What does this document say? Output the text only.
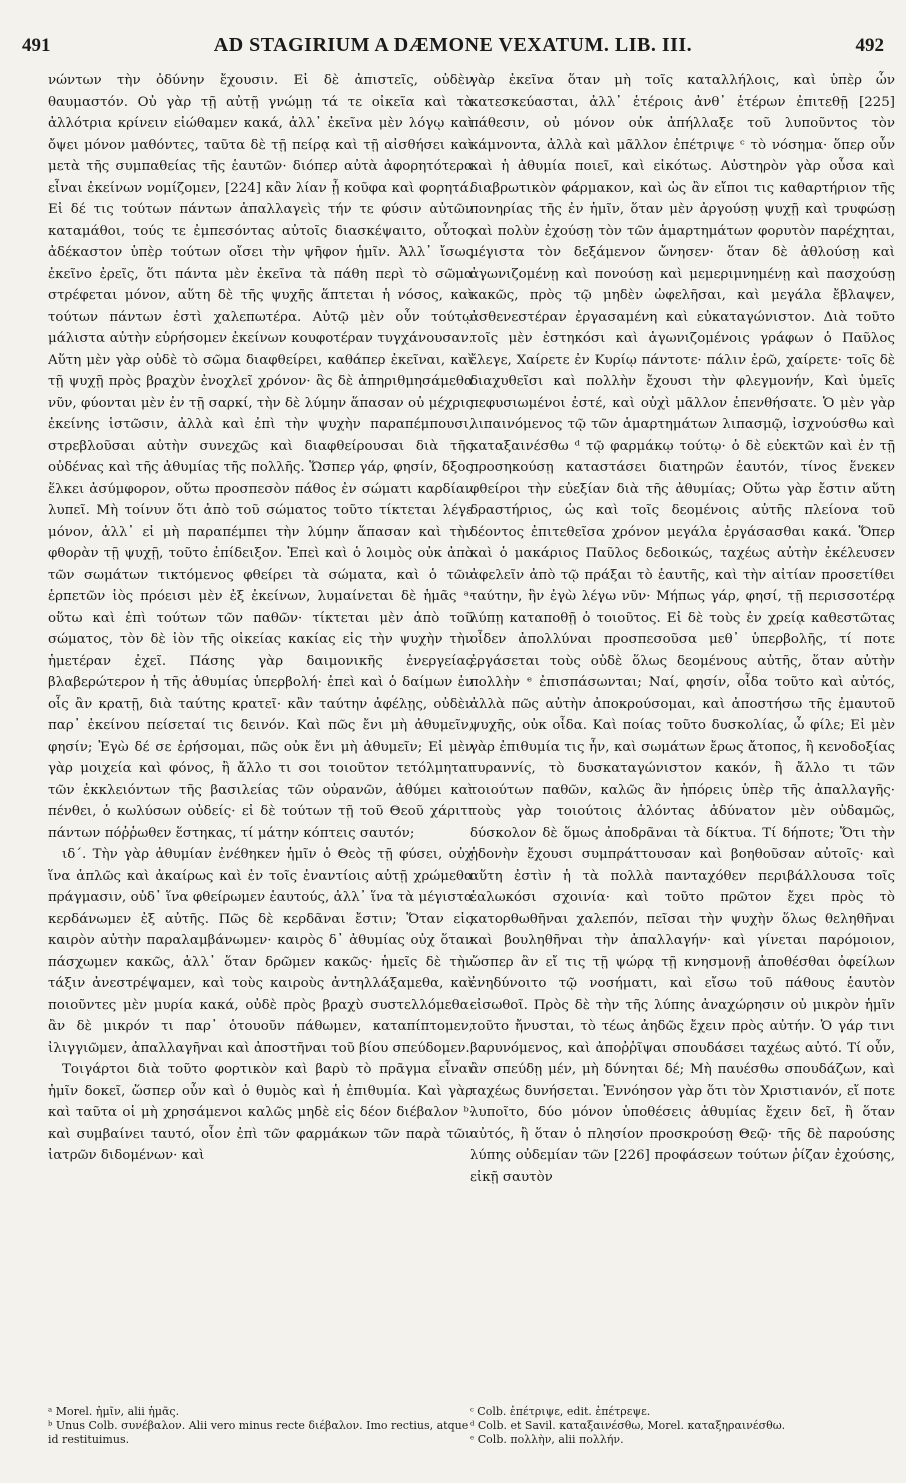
491	AD STAGIRIUM A DÆMONE VEXATUM. LIB. III.	492

νώντων τὴν ὀδύνην ἔχουσιν. Εἰ δὲ ἀπιστεῖς, οὐδὲν θαυμαστόν. Οὐ γὰρ τῇ αὐτῇ γνώμῃ τά τε οἰκεῖα καὶ τὰ ἀλλότρια κρίνειν εἰώθαμεν κακά, ἀλλ᾿ ἐκεῖνα μὲν λόγῳ καὶ ὄψει μόνον μαθόντες, ταῦτα δὲ τῇ πείρᾳ καὶ τῇ αἰσθήσει καὶ μετὰ τῆς συμπαθείας τῆς ἑαυτῶν· διόπερ αὐτὰ ἀφορητότερα εἶναι ἐκείνων νομίζομεν, [224] κἂν λίαν ᾖ κοῦφα καὶ φορητά. Εἰ δέ τις τούτων πάντων ἀπαλλαγεὶς τήν τε φύσιν αὐτῶν καταμάθοι, τούς τε ἐμπεσόντας αὐτοῖς διασκέψαιτο, οὗτος ἀδέκαστον ὑπὲρ τούτων οἴσει τὴν ψῆφον ἡμῖν. Ἀλλ᾿ ἴσως ἐκεῖνο ἐρεῖς, ὅτι πάντα μὲν ἐκεῖνα τὰ πάθη περὶ τὸ σῶμα στρέφεται μόνον, αὕτη δὲ τῆς ψυχῆς ἅπτεται ἡ νόσος, καὶ τούτων πάντων ἐστὶ χαλεπωτέρα. Αὐτῷ μὲν οὖν τούτῳ μάλιστα αὐτὴν εὑρήσομεν ἐκείνων κουφοτέραν τυγχάνουσαν. Αὕτη μὲν γὰρ οὐδὲ τὸ σῶμα διαφθείρει, καθάπερ ἐκεῖναι, καὶ τῇ ψυχῇ πρὸς βραχὺν ἐνοχλεῖ χρόνον· ἃς δὲ ἀπηριθμησάμεθα νῦν, φύονται μὲν ἐν τῇ σαρκί, τὴν δὲ λύμην ἅπασαν οὐ μέχρις ἐκείνης ἱστῶσιν, ἀλλὰ καὶ ἐπὶ τὴν ψυχὴν παραπέμπουσι, στρεβλοῦσαι αὐτὴν συνεχῶς καὶ διαφθείρουσαι διὰ τῆς οὐδένας καὶ τῆς ἀθυμίας τῆς πολλῆς. Ὥσπερ γάρ, φησίν, δξος ἕλκει ἀσύμφορον, οὕτω προσπεσὸν πάθος ἐν σώματι καρδίαν λυπεῖ. Μὴ τοίνυν ὅτι ἀπὸ τοῦ σώματος τοῦτο τίκτεται λέγε μόνον, ἀλλ᾿ εἰ μὴ παραπέμπει τὴν λύμην ἅπασαν καὶ τὴν φθορὰν τῇ ψυχῇ, τοῦτο ἐπίδειξον. Ἐπεὶ καὶ ὁ λοιμὸς οὐκ ἀπὸ τῶν σωμάτων τικτόμενος φθείρει τὰ σώματα, καὶ ὁ τῶν ἑρπετῶν ἰὸς πρόεισι μὲν ἐξ ἐκείνων, λυμαίνεται δὲ ἡμᾶς ᵃ· οὕτω καὶ ἐπὶ τούτων τῶν παθῶν· τίκτεται μὲν ἀπὸ τοῦ σώματος, τὸν δὲ ἰὸν τῆς οἰκείας κακίας εἰς τὴν ψυχὴν τὴν ἡμετέραν ἐχεῖ. Πάσης γὰρ δαιμονικῆς ἐνεργείας βλαβερώτερον ἡ τῆς ἀθυμίας ὑπερβολή· ἐπεὶ καὶ ὁ δαίμων ἐν οἷς ἂν κρατῇ, διὰ ταύτης κρατεῖ· κἂν ταύτην ἀφέλῃς, οὐδὲν παρ᾿ ἐκείνου πείσεταί τις δεινόν. Καὶ πῶς ἔνι μὴ ἀθυμεῖν, φησίν; Ἐγὼ δέ σε ἐρήσομαι, πῶς οὐκ ἔνι μὴ ἀθυμεῖν; Εἰ μὲν γὰρ μοιχεία καὶ φόνος, ἢ ἄλλο τι σοι τοιοῦτον τετόλμηται τῶν ἐκκλειόντων τῆς βασιλείας τῶν οὐρανῶν, ἀθύμει καὶ πένθει, ὁ κωλύσων οὐδείς· εἰ δὲ τούτων τῇ τοῦ Θεοῦ χάριτι πάντων πόῤῥωθεν ἕστηκας, τί μάτην κόπτεις σαυτόν;

ιδ΄. Τὴν γὰρ ἀθυμίαν ἐνέθηκεν ἡμῖν ὁ Θεὸς τῇ φύσει, οὐχ ἵνα ἁπλῶς καὶ ἀκαίρως καὶ ἐν τοῖς ἐναντίοις αὐτῇ χρώμεθα πράγμασιν, οὐδ᾿ ἵνα φθείρωμεν ἑαυτούς, ἀλλ᾿ ἵνα τὰ μέγιστα κερδάνωμεν ἐξ αὐτῆς. Πῶς δὲ κερδᾶναι ἔστιν; Ὅταν εἰς καιρὸν αὐτὴν παραλαμβάνωμεν· καιρὸς δ᾿ ἀθυμίας οὐχ ὅταν πάσχωμεν κακῶς, ἀλλ᾿ ὅταν δρῶμεν κακῶς· ἡμεῖς δὲ τὴν τάξιν ἀνεστρέψαμεν, καὶ τοὺς καιροὺς ἀντηλλάξαμεθα, καὶ ποιοῦντες μὲν μυρία κακά, οὐδὲ πρὸς βραχὺ συστελλόμεθα· ἂν δὲ μικρόν τι παρ᾿ ὁτουοῦν πάθωμεν, καταπίπτομεν, ἰλιγγιῶμεν, ἀπαλλαγῆναι καὶ ἀποστῆναι τοῦ βίου σπεύδομεν.

Τοιγάρτοι διὰ τοῦτο φορτικὸν καὶ βαρὺ τὸ πρᾶγμα εἶναι ἡμῖν δοκεῖ, ὥσπερ οὖν καὶ ὁ θυμὸς καὶ ἡ ἐπιθυμία. Καὶ γὰρ καὶ ταῦτα οἱ μὴ χρησάμενοι καλῶς μηδὲ εἰς δέον διέβαλον ᵇ· καὶ συμβαίνει ταυτό, οἷον ἐπὶ τῶν φαρμάκων τῶν παρὰ τῶν ἰατρῶν διδομένων· καὶ

γὰρ ἐκεῖνα ὅταν μὴ τοῖς καταλλήλοις, καὶ ὑπὲρ ὧν κατεσκεύασται, ἀλλ᾿ ἑτέροις ἀνθ᾿ ἑτέρων ἐπιτεθῇ [225] πάθεσιν, οὐ μόνον οὐκ ἀπήλλαξε τοῦ λυποῦντος τὸν κάμνοντα, ἀλλὰ καὶ μᾶλλον ἐπέτριψε ᶜ τὸ νόσημα· ὅπερ οὖν καὶ ἡ ἀθυμία ποιεῖ, καὶ εἰκότως. Αὐστηρὸν γὰρ οὖσα καὶ διαβρωτικὸν φάρμακον, καὶ ὡς ἂν εἴποι τις καθαρτήριον τῆς πονηρίας τῆς ἐν ἡμῖν, ὅταν μὲν ἀργούσῃ ψυχῇ καὶ τρυφώσῃ καὶ πολὺν ἐχούσῃ τὸν τῶν ἁμαρτημάτων φορυτὸν παρέχηται, μέγιστα τὸν δεξάμενον ὤνησεν· ὅταν δὲ ἀθλούσῃ καὶ ἀγωνιζομένῃ καὶ πονούσῃ καὶ μεμεριμνημένῃ καὶ πασχούσῃ κακῶς, πρὸς τῷ μηδὲν ὠφελῆσαι, καὶ μεγάλα ἔβλαψεν, ἀσθενεστέραν ἐργασαμένη καὶ εὐκαταγώνιστον. Διὰ τοῦτο τοῖς μὲν ἑστηκόσι καὶ ἀγωνιζομένοις γράφων ὁ Παῦλος ἔλεγε, Χαίρετε ἐν Κυρίῳ πάντοτε· πάλιν ἐρῶ, χαίρετε· τοῖς δὲ διαχυθεῖσι καὶ πολλὴν ἔχουσι τὴν φλεγμονήν, Καὶ ὑμεῖς πεφυσιωμένοι ἐστέ, καὶ οὐχὶ μᾶλλον ἐπενθήσατε. Ὁ μὲν γὰρ λιπαινόμενος τῷ τῶν ἁμαρτημάτων λιπασμῷ, ἰσχνούσθω καὶ καταξαινέσθω ᵈ τῷ φαρμάκῳ τούτῳ· ὁ δὲ εὐεκτῶν καὶ ἐν τῇ προσηκούσῃ καταστάσει διατηρῶν ἑαυτόν, τίνος ἕνεκεν φθείροι τὴν εὐεξίαν διὰ τῆς ἀθυμίας; Οὕτω γὰρ ἔστιν αὕτη δραστήριος, ὡς καὶ τοῖς δεομένοις αὐτῆς πλείονα τοῦ δέοντος ἐπιτεθεῖσα χρόνον μεγάλα ἐργάσασθαι κακά. Ὅπερ καὶ ὁ μακάριος Παῦλος δεδοικώς, ταχέως αὐτὴν ἐκέλευσεν ἀφελεῖν ἀπὸ τῷ πράξαι τὸ ἑαυτῆς, καὶ τὴν αἰτίαν προσετίθει ταύτην, ἣν ἐγὼ λέγω νῦν· Μήπως γάρ, φησί, τῇ περισσοτέρᾳ λύπῃ καταποθῇ ὁ τοιοῦτος. Εἰ δὲ τοὺς ἐν χρείᾳ καθεστῶτας οἶδεν ἀπολλύναι προσπεσοῦσα μεθ᾿ ὑπερβολῆς, τί ποτε ἐργάσεται τοὺς οὐδὲ ὅλως δεομένους αὐτῆς, ὅταν αὐτὴν πολλὴν ᵉ ἐπισπάσωνται; Ναί, φησίν, οἶδα τοῦτο καὶ αὐτός, ἀλλὰ πῶς αὐτὴν ἀποκρούσομαι, καὶ ἀποστήσω τῆς ἐμαυτοῦ ψυχῆς, οὐκ οἶδα. Καὶ ποίας τοῦτο δυσκολίας, ὦ φίλε; Εἰ μὲν γὰρ ἐπιθυμία τις ἦν, καὶ σωμάτων ἔρως ἄτοπος, ἢ κενοδοξίας τυραννίς, τὸ δυσκαταγώνιστον κακόν, ἢ ἄλλο τι τῶν τοιούτων παθῶν, καλῶς ἂν ἠπόρεις ὑπὲρ τῆς ἀπαλλαγῆς· τοὺς γὰρ τοιούτοις ἁλόντας ἀδύνατον μὲν οὐδαμῶς, δύσκολον δὲ ὅμως ἀποδρᾶναι τὰ δίκτυα. Τί δήποτε; Ὅτι τὴν ἡδονὴν ἔχουσι συμπράττουσαν καὶ βοηθοῦσαν αὐτοῖς· καὶ αὕτη ἐστὶν ἡ τὰ πολλὰ πανταχόθεν περιβάλλουσα τοῖς ἑαλωκόσι σχοινία· καὶ τοῦτο πρῶτον ἔχει πρὸς τὸ κατορθωθῆναι χαλεπόν, πεῖσαι τὴν ψυχὴν ὅλως θεληθῆναι καὶ βουληθῆναι τὴν ἀπαλλαγήν· καὶ γίνεται παρόμοιον, ὥσπερ ἂν εἴ τις τῇ ψώρᾳ τῇ κνησμονῇ ἀποθέσθαι ὀφείλων ἐνηδύνοιτο τῷ νοσήματι, καὶ εἴσω τοῦ πάθους ἑαυτὸν εἰσωθοῖ. Πρὸς δὲ τὴν τῆς λύπης ἀναχώρησιν οὐ μικρὸν ἡμῖν τοῦτο ἤνυσται, τὸ τέως ἀηδῶς ἔχειν πρὸς αὐτήν. Ὁ γάρ τινι βαρυνόμενος, καὶ ἀποῤῥῖψαι σπουδάσει ταχέως αὐτό. Τί οὖν, ἂν σπεύδῃ μέν, μὴ δύνηται δέ; Μὴ παυέσθω σπουδάζων, καὶ ταχέως δυνήσεται. Ἐννόησον γὰρ ὅτι τὸν Χριστιανόν, εἴ ποτε λυποῖτο, δύο μόνον ὑποθέσεις ἀθυμίας ἔχειν δεῖ, ἢ ὅταν αὐτός, ἢ ὅταν ὁ πλησίον προσκρούσῃ Θεῷ· τῆς δὲ παρούσης λύπης οὐδεμίαν τῶν [226] προφάσεων τούτων ῥίζαν ἐχούσης, εἰκῇ σαυτὸν

ᵃ Morel. ἡμῖν, alii ἡμᾶς.
ᵇ Unus Colb. συνέβαλον. Alii vero minus recte διέβαλον. Imo rectius, atque id restituimus.
ᶜ Colb. ἐπέτριψε, edit. ἐπέτρεψε.
ᵈ Colb. et Savil. καταξαινέσθω, Morel. καταξηραινέσθω.
ᵉ Colb. πολλὴν, alii πολλήν.
